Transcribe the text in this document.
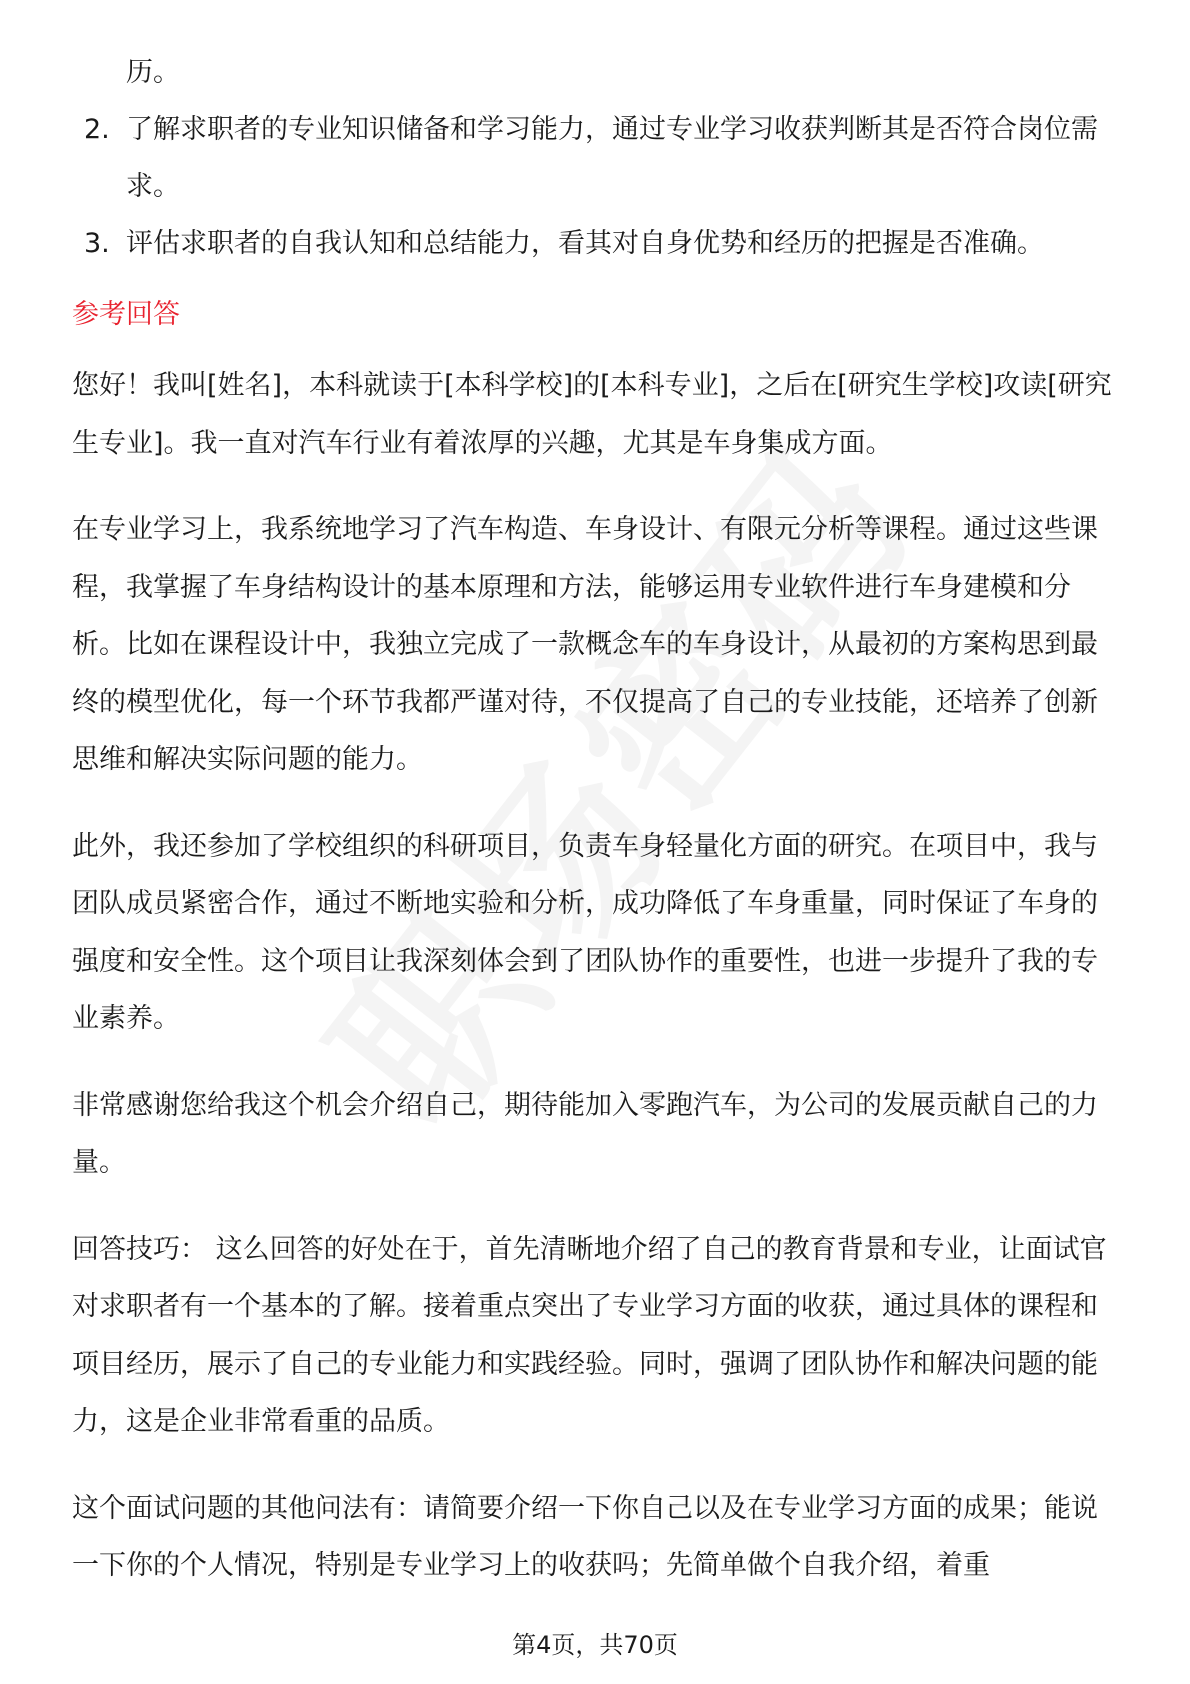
历。
2. 了解求职者的专业知识储备和学习能力，通过专业学习收获判断其是否符合岗位需求。
3. 评估求职者的自我认知和总结能力，看其对自身优势和经历的把握是否准确。
参考回答

您好！我叫[姓名]，本科就读于[本科学校]的[本科专业]，之后在[研究生学校]攻读[研究生专业]。我一直对汽车行业有着浓厚的兴趣，尤其是车身集成方面。

在专业学习上，我系统地学习了汽车构造、车身设计、有限元分析等课程。通过这些课程，我掌握了车身结构设计的基本原理和方法，能够运用专业软件进行车身建模和分析。比如在课程设计中，我独立完成了一款概念车的车身设计，从最初的方案构思到最终的模型优化，每一个环节我都严谨对待，不仅提高了自己的专业技能，还培养了创新思维和解决实际问题的能力。

此外，我还参加了学校组织的科研项目，负责车身轻量化方面的研究。在项目中，我与团队成员紧密合作，通过不断地实验和分析，成功降低了车身重量，同时保证了车身的强度和安全性。这个项目让我深刻体会到了团队协作的重要性，也进一步提升了我的专业素养。

非常感谢您给我这个机会介绍自己，期待能加入零跑汽车，为公司的发展贡献自己的力量。

回答技巧： 这么回答的好处在于，首先清晰地介绍了自己的教育背景和专业，让面试官对求职者有一个基本的了解。接着重点突出了专业学习方面的收获，通过具体的课程和项目经历，展示了自己的专业能力和实践经验。同时，强调了团队协作和解决问题的能力，这是企业非常看重的品质。

这个面试问题的其他问法有：请简要介绍一下你自己以及在专业学习方面的成果；能说一下你的个人情况，特别是专业学习上的收获吗；先简单做个自我介绍，着重

第4页，共70页
